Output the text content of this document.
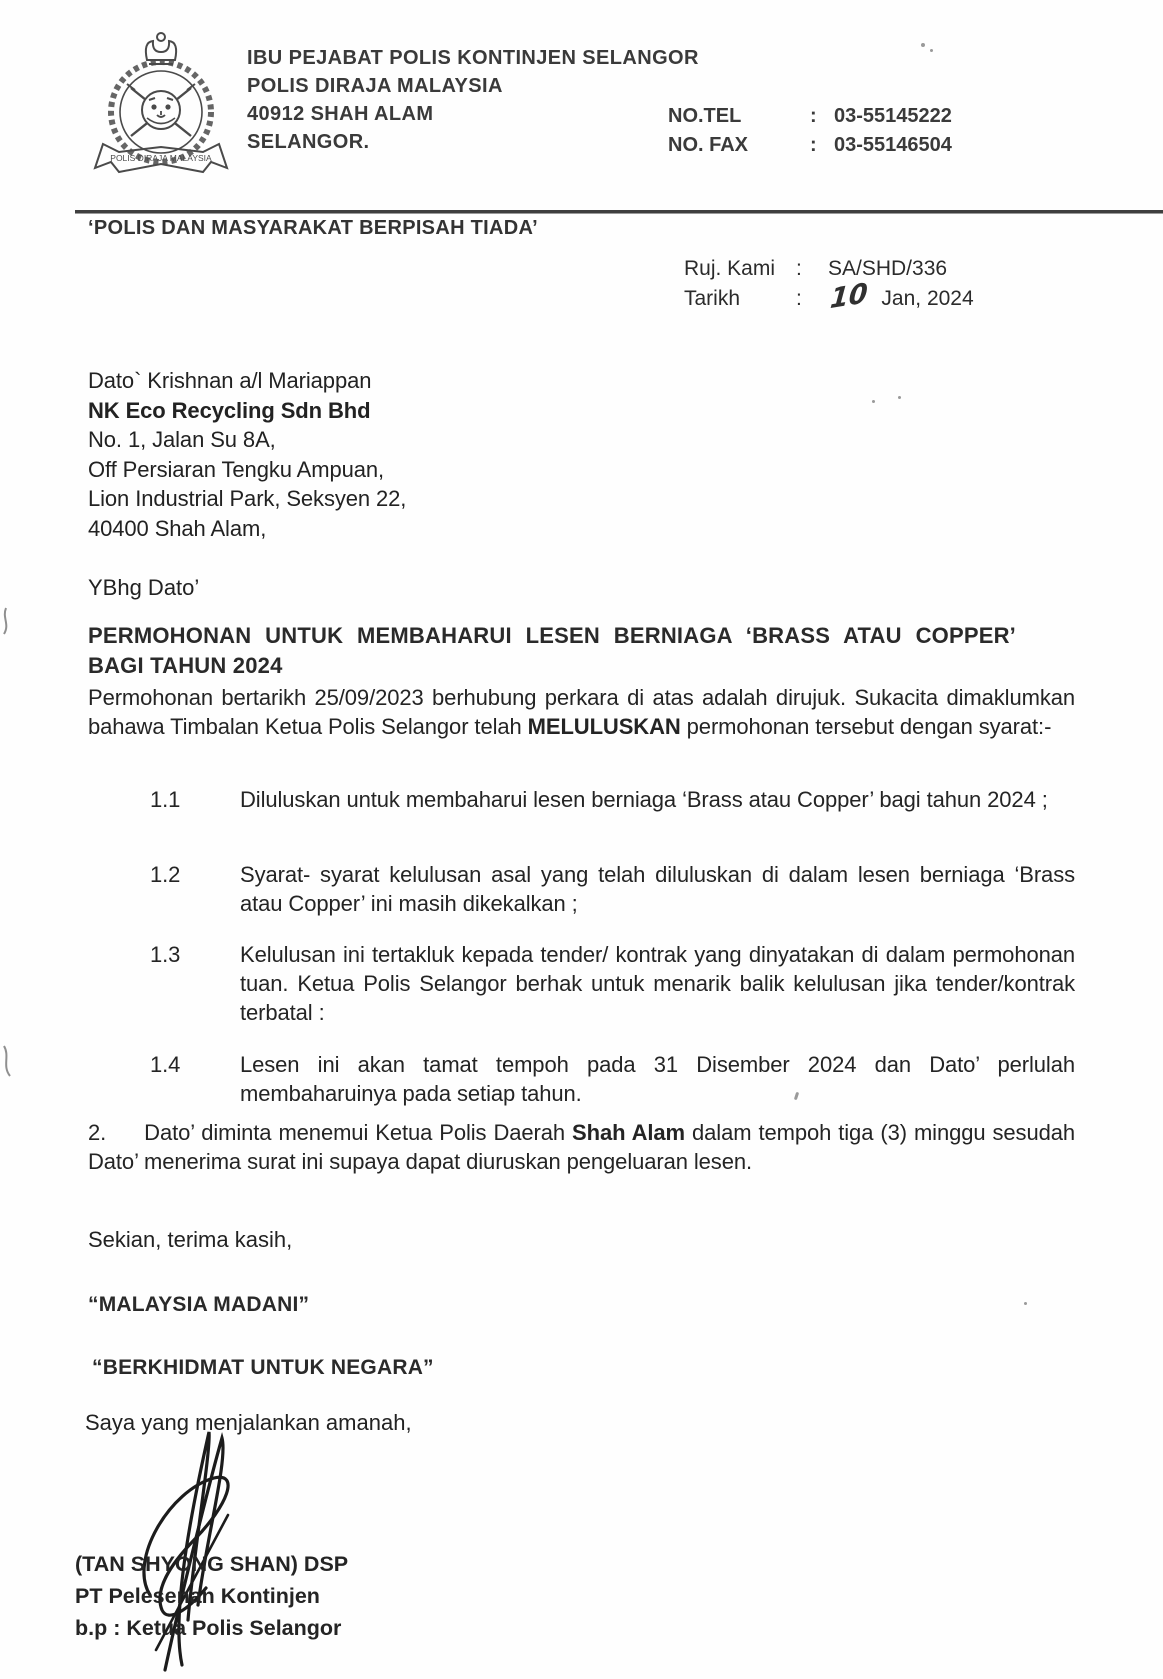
POLIS DIRAJA MALAYSIA
IBU PEJABAT POLIS KONTINJEN SELANGOR
POLIS DIRAJA MALAYSIA
40912 SHAH ALAM
SELANGOR.
NO.TEL	: 03-55145222
NO. FAX	: 03-55146504
‘POLIS DAN MASYARAKAT BERPISAH TIADA’
Ruj. Kami :	SA/SHD/336
Tarikh	:	10 Jan, 2024
Dato` Krishnan a/l Mariappan
NK Eco Recycling Sdn Bhd
No. 1, Jalan Su 8A,
Off Persiaran Tengku Ampuan,
Lion Industrial Park, Seksyen 22,
40400 Shah Alam,
YBhg Dato’
PERMOHONAN UNTUK MEMBAHARUI LESEN BERNIAGA ‘BRASS ATAU COPPER’ BAGI TAHUN 2024
Permohonan bertarikh 25/09/2023 berhubung perkara di atas adalah dirujuk. Sukacita dimaklumkan bahawa Timbalan Ketua Polis Selangor telah MELULUSKAN permohonan tersebut dengan syarat:-
1.1	Diluluskan untuk membaharui lesen berniaga ‘Brass atau Copper’ bagi tahun 2024 ;
1.2	Syarat- syarat kelulusan asal yang telah diluluskan di dalam lesen berniaga ‘Brass atau Copper’ ini masih dikekalkan ;
1.3	Kelulusan ini tertakluk kepada tender/ kontrak yang dinyatakan di dalam permohonan tuan. Ketua Polis Selangor berhak untuk menarik balik kelulusan jika tender/kontrak terbatal :
1.4	Lesen ini akan tamat tempoh pada 31 Disember 2024 dan Dato’ perlulah membaharuinya pada setiap tahun.
2. Dato’ diminta menemui Ketua Polis Daerah Shah Alam dalam tempoh tiga (3) minggu sesudah Dato’ menerima surat ini supaya dapat diuruskan pengeluaran lesen.
Sekian, terima kasih,
“MALAYSIA MADANI”
“BERKHIDMAT UNTUK NEGARA”
Saya yang menjalankan amanah,
(TAN SHYONG SHAN) DSP
PT Pelesenan Kontinjen
b.p : Ketua Polis Selangor
